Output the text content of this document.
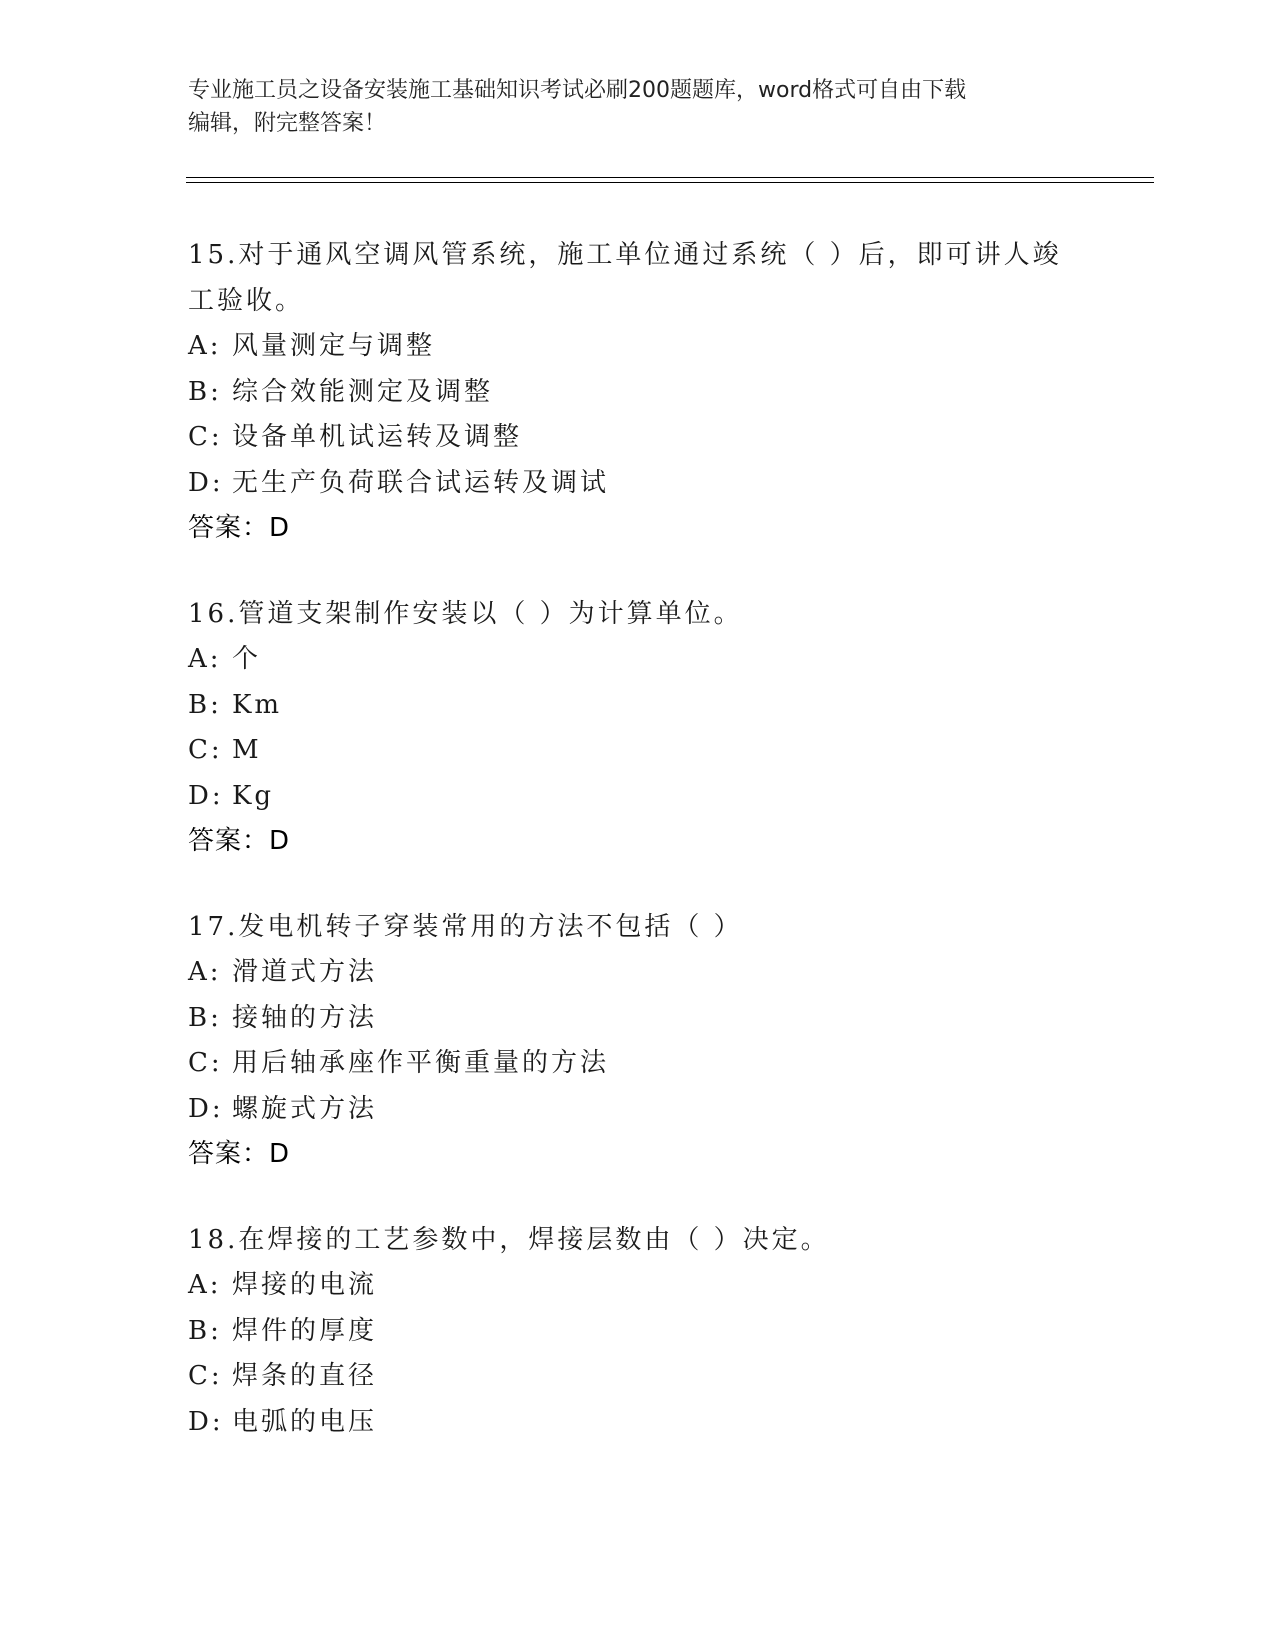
专业施工员之设备安装施工基础知识考试必刷200题题库，word格式可自由下载
编辑，附完整答案！

15.对于通风空调风管系统，施工单位通过系统（ ）后，即可讲人竣
工验收。

A: 风量测定与调整
B: 综合效能测定及调整
C: 设备单机试运转及调整
D: 无生产负荷联合试运转及调试
答案：D

16.管道支架制作安装以（ ）为计算单位。

A: 个
B: Km
C: M
D: Kg
答案：D

17.发电机转子穿装常用的方法不包括（ ）

A: 滑道式方法
B: 接轴的方法
C: 用后轴承座作平衡重量的方法
D: 螺旋式方法
答案：D

18.在焊接的工艺参数中，焊接层数由（ ）决定。

A: 焊接的电流
B: 焊件的厚度
C: 焊条的直径
D: 电弧的电压
